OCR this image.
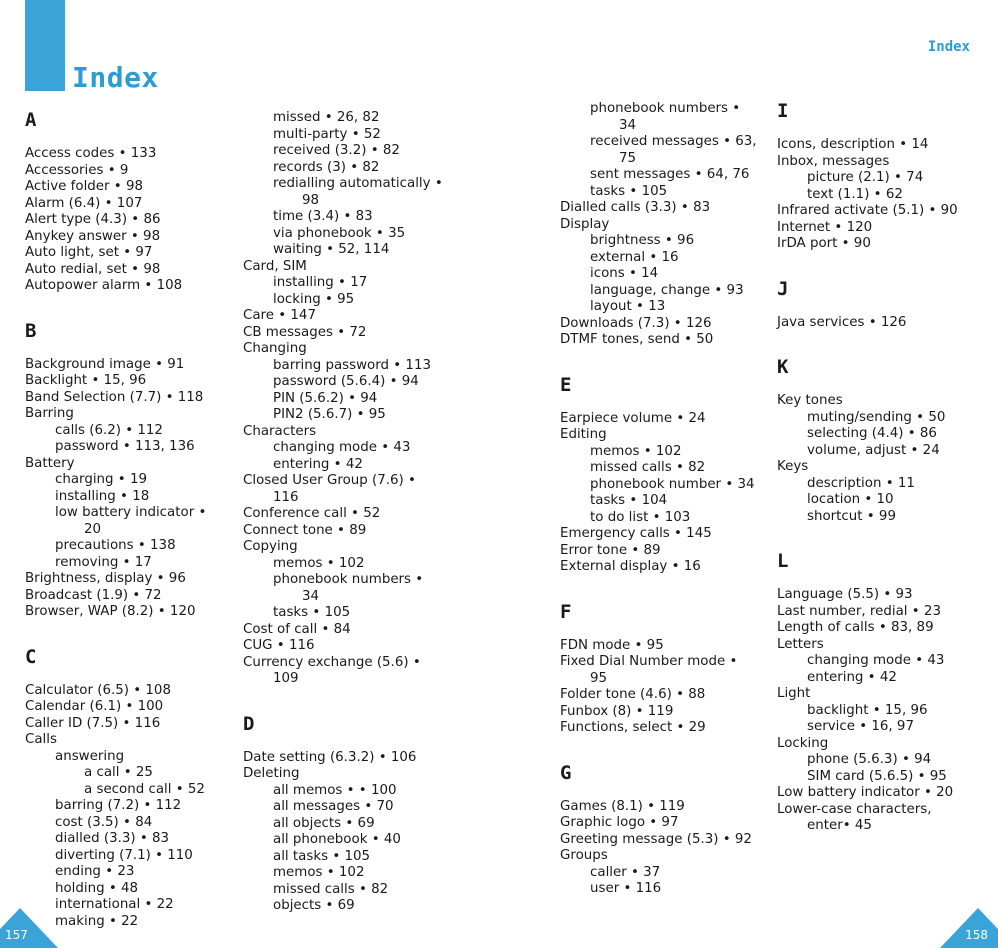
Index
Index
A
Access codes • 133
Accessories • 9
Active folder • 98
Alarm (6.4) • 107
Alert type (4.3) • 86
Anykey answer • 98
Auto light, set • 97
Auto redial, set • 98
Autopower alarm • 108
B
Background image • 91
Backlight • 15, 96
Band Selection (7.7) • 118
Barring
calls (6.2) • 112
password • 113, 136
Battery
charging • 19
installing • 18
low battery indicator •
20
precautions • 138
removing • 17
Brightness, display • 96
Broadcast (1.9) • 72
Browser, WAP (8.2) • 120
C
Calculator (6.5) • 108
Calendar (6.1) • 100
Caller ID (7.5) • 116
Calls
answering
a call • 25
a second call • 52
barring (7.2) • 112
cost (3.5) • 84
dialled (3.3) • 83
diverting (7.1) • 110
ending • 23
holding • 48
international • 22
making • 22
missed • 26, 82
multi-party • 52
received (3.2) • 82
records (3) • 82
redialling automatically •
98
time (3.4) • 83
via phonebook • 35
waiting • 52, 114
Card, SIM
installing • 17
locking • 95
Care • 147
CB messages • 72
Changing
barring password • 113
password (5.6.4) • 94
PIN (5.6.2) • 94
PIN2 (5.6.7) • 95
Characters
changing mode • 43
entering • 42
Closed User Group (7.6) •
116
Conference call • 52
Connect tone • 89
Copying
memos • 102
phonebook numbers •
34
tasks • 105
Cost of call • 84
CUG • 116
Currency exchange (5.6) •
109
D
Date setting (6.3.2) • 106
Deleting
all memos • • 100
all messages • 70
all objects • 69
all phonebook • 40
all tasks • 105
memos • 102
missed calls • 82
objects • 69
phonebook numbers •
34
received messages • 63,
75
sent messages • 64, 76
tasks • 105
Dialled calls (3.3) • 83
Display
brightness • 96
external • 16
icons • 14
language, change • 93
layout • 13
Downloads (7.3) • 126
DTMF tones, send • 50
E
Earpiece volume • 24
Editing
memos • 102
missed calls • 82
phonebook number • 34
tasks • 104
to do list • 103
Emergency calls • 145
Error tone • 89
External display • 16
F
FDN mode • 95
Fixed Dial Number mode •
95
Folder tone (4.6) • 88
Funbox (8) • 119
Functions, select • 29
G
Games (8.1) • 119
Graphic logo • 97
Greeting message (5.3) • 92
Groups
caller • 37
user • 116
I
Icons, description • 14
Inbox, messages
picture (2.1) • 74
text (1.1) • 62
Infrared activate (5.1) • 90
Internet • 120
IrDA port • 90
J
Java services • 126
K
Key tones
muting/sending • 50
selecting (4.4) • 86
volume, adjust • 24
Keys
description • 11
location • 10
shortcut • 99
L
Language (5.5) • 93
Last number, redial • 23
Length of calls • 83, 89
Letters
changing mode • 43
entering • 42
Light
backlight • 15, 96
service • 16, 97
Locking
phone (5.6.3) • 94
SIM card (5.6.5) • 95
Low battery indicator • 20
Lower-case characters,
enter• 45
157	158
